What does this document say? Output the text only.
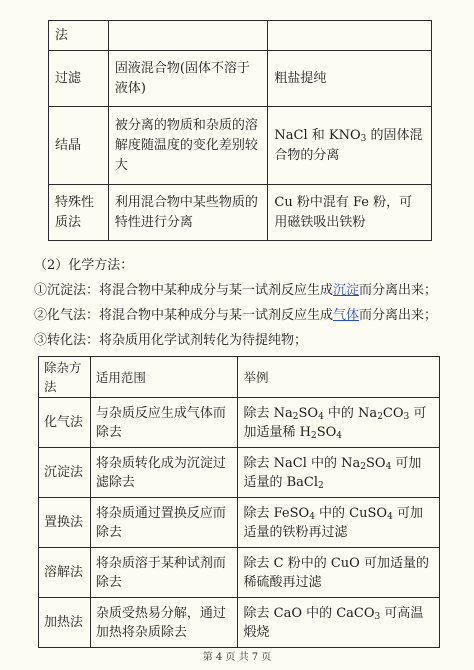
法		
过滤	固液混合物(固体不溶于液体)	粗盐提纯
结晶	被分离的物质和杂质的溶解度随温度的变化差别较大	NaCl 和 $KNO_3$ 的固体混合物的分离
特殊性质法	利用混合物中某些物质的特性进行分离	Cu 粉中混有 Fe 粉，可用磁铁吸出铁粉
（2）化学方法：
①沉淀法：将混合物中某种成分与某一试剂反应生成沉淀而分离出来；
②化气法：将混合物中某种成分与某一试剂反应生成气体而分离出来；
③转化法：将杂质用化学试剂转化为待提纯物；
除杂方法	适用范围	举例
化气法	与杂质反应生成气体而除去	除去 $Na_2SO_4$ 中的 $Na_2CO_3$ 可加适量稀 $H_2SO_4$
沉淀法	将杂质转化成为沉淀过滤除去	除去 NaCl 中的 $Na_2SO_4$ 可加适量的 BaCl$_2$
置换法	将杂质通过置换反应而除去	除去 FeSO$_4$ 中的 CuSO$_4$ 可加适量的铁粉再过滤
溶解法	将杂质溶于某种试剂而除去	除去 C 粉中的 CuO 可加适量的稀硫酸再过滤
加热法	杂质受热易分解，通过加热将杂质除去	除去 CaO 中的 CaCO$_3$ 可高温煅烧
第 4 页 共 7 页
